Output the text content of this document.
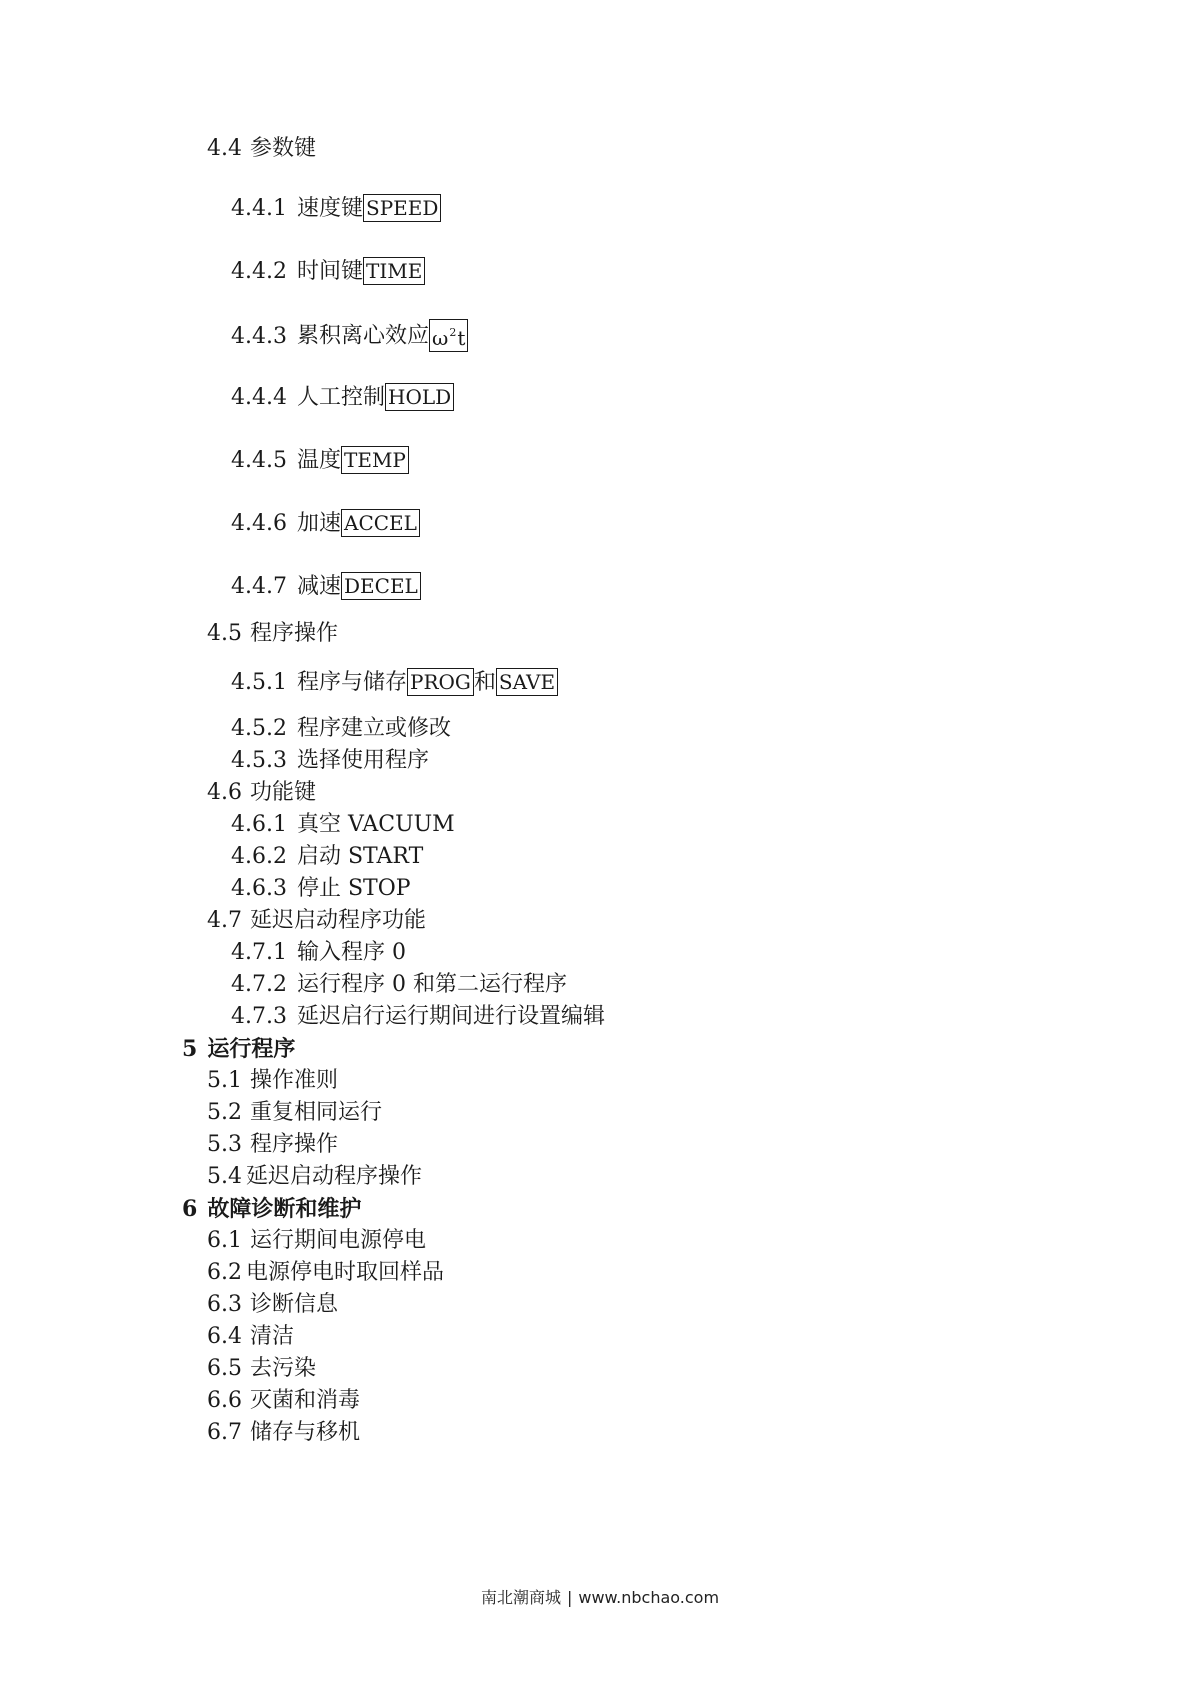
4.4 参数键
4.4.1 速度键 SPEED
4.4.2 时间键 TIME
4.4.3 累积离心效应 $\omega^2t$
4.4.4 人工控制 HOLD
4.4.5 温度 TEMP
4.4.6 加速 ACCEL
4.4.7 减速 DECEL
4.5 程序操作
4.5.1 程序与储存 PROG 和 SAVE
4.5.2 程序建立或修改
4.5.3 选择使用程序
4.6 功能键
4.6.1 真空 VACUUM
4.6.2 启动 START
4.6.3 停止 STOP
4.7 延迟启动程序功能
4.7.1 输入程序 0
4.7.2 运行程序 0 和第二运行程序
4.7.3 延迟启行运行期间进行设置编辑
5 运行程序
5.1 操作准则
5.2 重复相同运行
5.3 程序操作
5.4 延迟启动程序操作
6 故障诊断和维护
6.1 运行期间电源停电
6.2 电源停电时取回样品
6.3 诊断信息
6.4 清洁
6.5 去污染
6.6 灭菌和消毒
6.7 储存与移机
南北潮商城 | www.nbchao.com
